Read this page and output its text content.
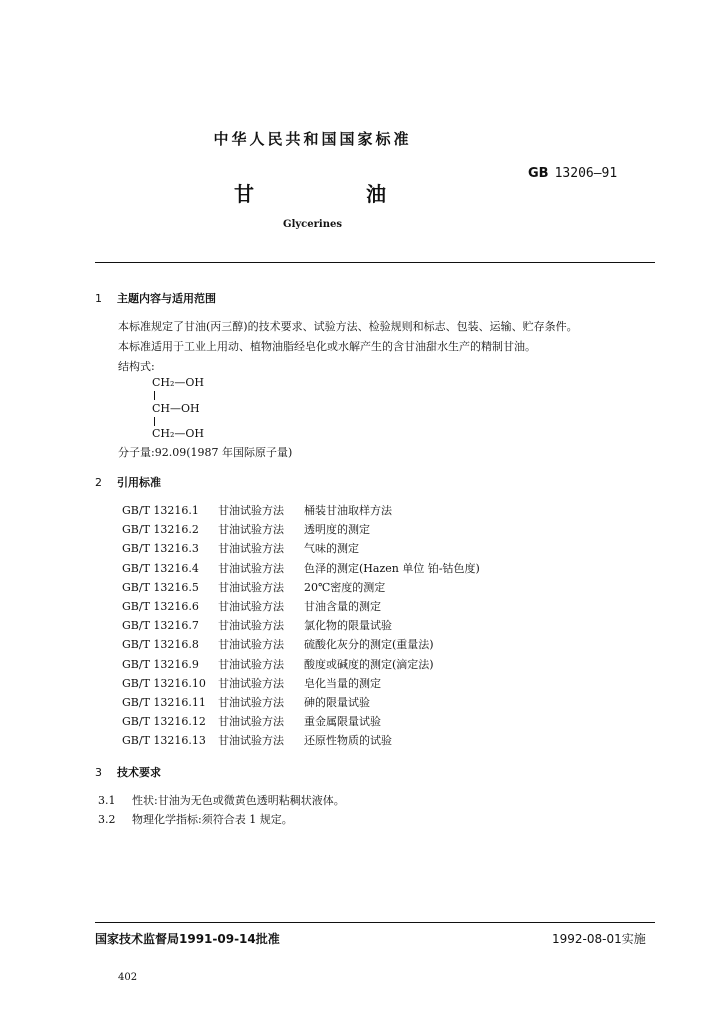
中华人民共和国国家标准
GB 13206—91
甘	油
Glycerines
1 主题内容与适用范围
本标准规定了甘油(丙三醇)的技术要求、试验方法、检验规则和标志、包装、运输、贮存条件。
本标准适用于工业上用动、植物油脂经皂化或水解产生的含甘油甜水生产的精制甘油。
结构式:
CH₂—OH
CH—OH
CH₂—OH
分子量:92.09(1987 年国际原子量)
2 引用标准
GB/T 13216.1 甘油试验方法 桶装甘油取样方法
GB/T 13216.2 甘油试验方法 透明度的测定
GB/T 13216.3 甘油试验方法 气味的测定
GB/T 13216.4 甘油试验方法 色泽的测定(Hazen 单位 铂-钴色度)
GB/T 13216.5 甘油试验方法 20℃密度的测定
GB/T 13216.6 甘油试验方法 甘油含量的测定
GB/T 13216.7 甘油试验方法 氯化物的限量试验
GB/T 13216.8 甘油试验方法 硫酸化灰分的测定(重量法)
GB/T 13216.9 甘油试验方法 酸度或碱度的测定(滴定法)
GB/T 13216.10 甘油试验方法 皂化当量的测定
GB/T 13216.11 甘油试验方法 砷的限量试验
GB/T 13216.12 甘油试验方法 重金属限量试验
GB/T 13216.13 甘油试验方法 还原性物质的试验
3 技术要求
3.1 性状:甘油为无色或微黄色透明粘稠状液体。
3.2 物理化学指标:须符合表 1 规定。
国家技术监督局1991-09-14批准	1992-08-01实施
402
